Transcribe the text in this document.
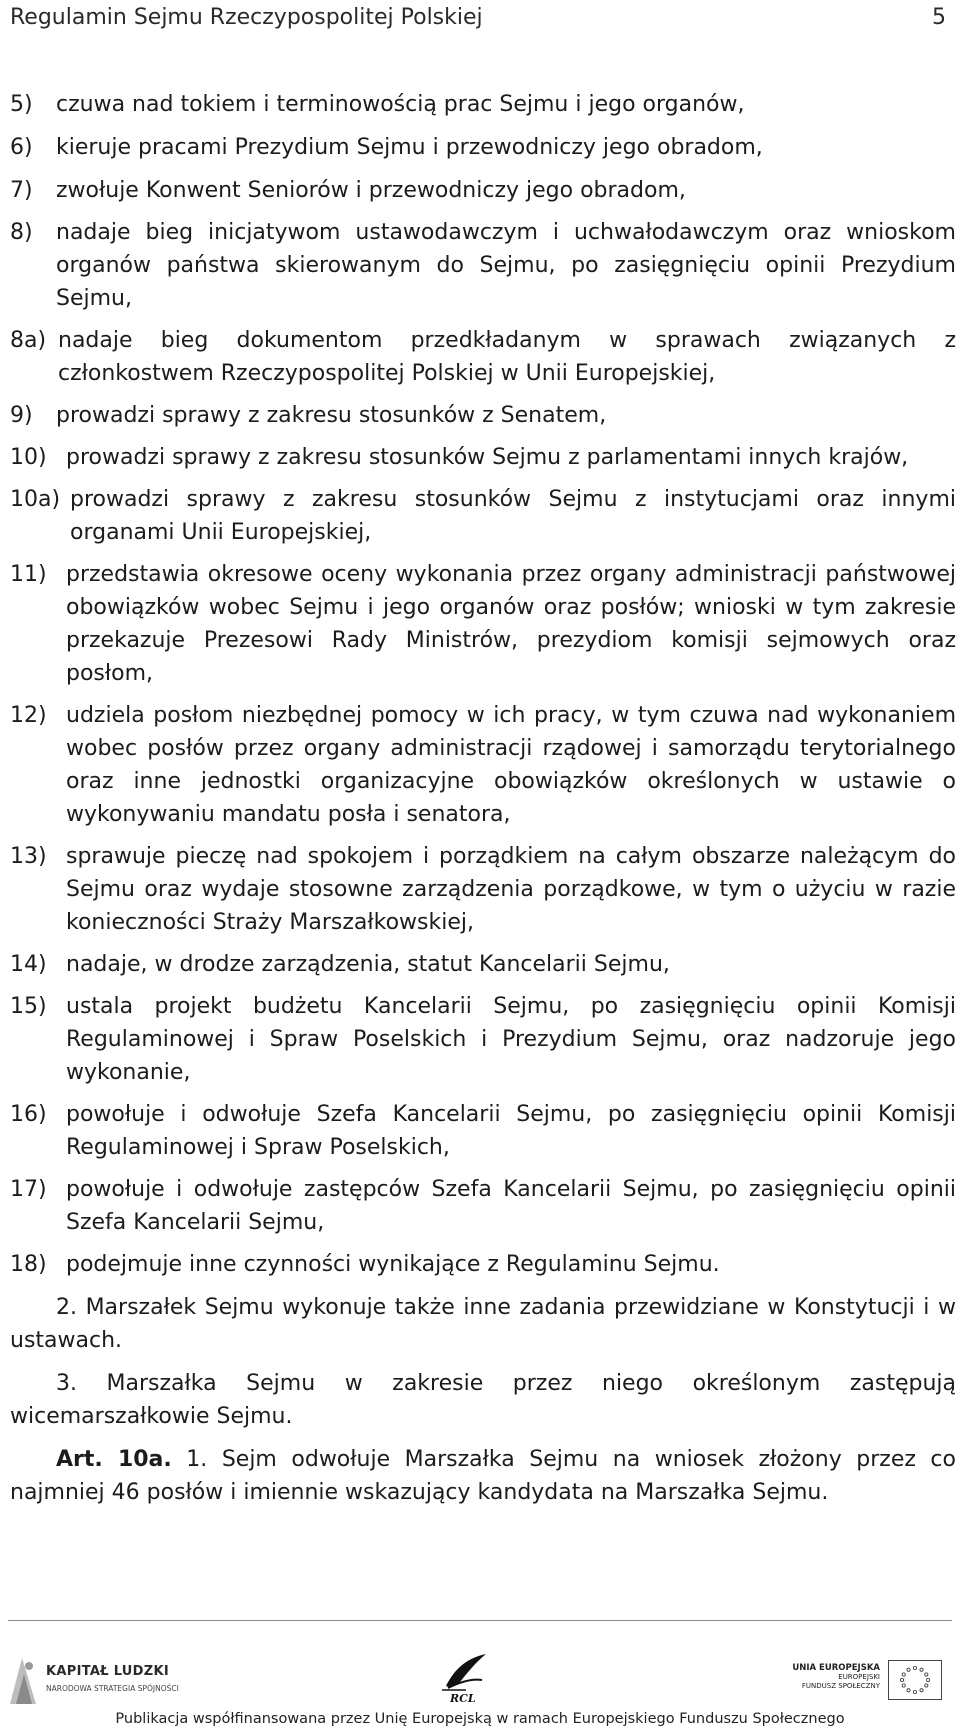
Regulamin Sejmu Rzeczypospolitej Polskiej	5
5)	czuwa nad tokiem i terminowością prac Sejmu i jego organów,
6)	kieruje pracami Prezydium Sejmu i przewodniczy jego obradom,
7)	zwołuje Konwent Seniorów i przewodniczy jego obradom,
8)	nadaje bieg inicjatywom ustawodawczym i uchwałodawczym oraz wnioskom organów państwa skierowanym do Sejmu, po zasięgnięciu opinii Prezydium Sejmu,
8a) nadaje bieg dokumentom przedkładanym w sprawach związanych z członkostwem Rzeczypospolitej Polskiej w Unii Europejskiej,
9)	prowadzi sprawy z zakresu stosunków z Senatem,
10) prowadzi sprawy z zakresu stosunków Sejmu z parlamentami innych krajów,
10a) prowadzi sprawy z zakresu stosunków Sejmu z instytucjami oraz innymi organami Unii Europejskiej,
11) przedstawia okresowe oceny wykonania przez organy administracji państwowej obowiązków wobec Sejmu i jego organów oraz posłów; wnioski w tym zakresie przekazuje Prezesowi Rady Ministrów, prezydiom komisji sejmowych oraz posłom,
12) udziela posłom niezbędnej pomocy w ich pracy, w tym czuwa nad wykonaniem wobec posłów przez organy administracji rządowej i samorządu terytorialnego oraz inne jednostki organizacyjne obowiązków określonych w ustawie o wykonywaniu mandatu posła i senatora,
13) sprawuje pieczę nad spokojem i porządkiem na całym obszarze należącym do Sejmu oraz wydaje stosowne zarządzenia porządkowe, w tym o użyciu w razie konieczności Straży Marszałkowskiej,
14) nadaje, w drodze zarządzenia, statut Kancelarii Sejmu,
15) ustala projekt budżetu Kancelarii Sejmu, po zasięgnięciu opinii Komisji Regulaminowej i Spraw Poselskich i Prezydium Sejmu, oraz nadzoruje jego wykonanie,
16) powołuje i odwołuje Szefa Kancelarii Sejmu, po zasięgnięciu opinii Komisji Regulaminowej i Spraw Poselskich,
17) powołuje i odwołuje zastępców Szefa Kancelarii Sejmu, po zasięgnięciu opinii Szefa Kancelarii Sejmu,
18) podejmuje inne czynności wynikające z Regulaminu Sejmu.
2. Marszałek Sejmu wykonuje także inne zadania przewidziane w Konstytucji i w ustawach.
3. Marszałka Sejmu w zakresie przez niego określonym zastępują wicemarszałkowie Sejmu.
Art. 10a. 1. Sejm odwołuje Marszałka Sejmu na wniosek złożony przez co najmniej 46 posłów i imiennie wskazujący kandydata na Marszałka Sejmu.
KAPITAŁ LUDZKI
NARODOWA STRATEGIA SPÓJNOŚCI
RCL
UNIA EUROPEJSKA
EUROPEJSKI
FUNDUSZ SPOŁECZNY
Publikacja współfinansowana przez Unię Europejską w ramach Europejskiego Funduszu Społecznego
